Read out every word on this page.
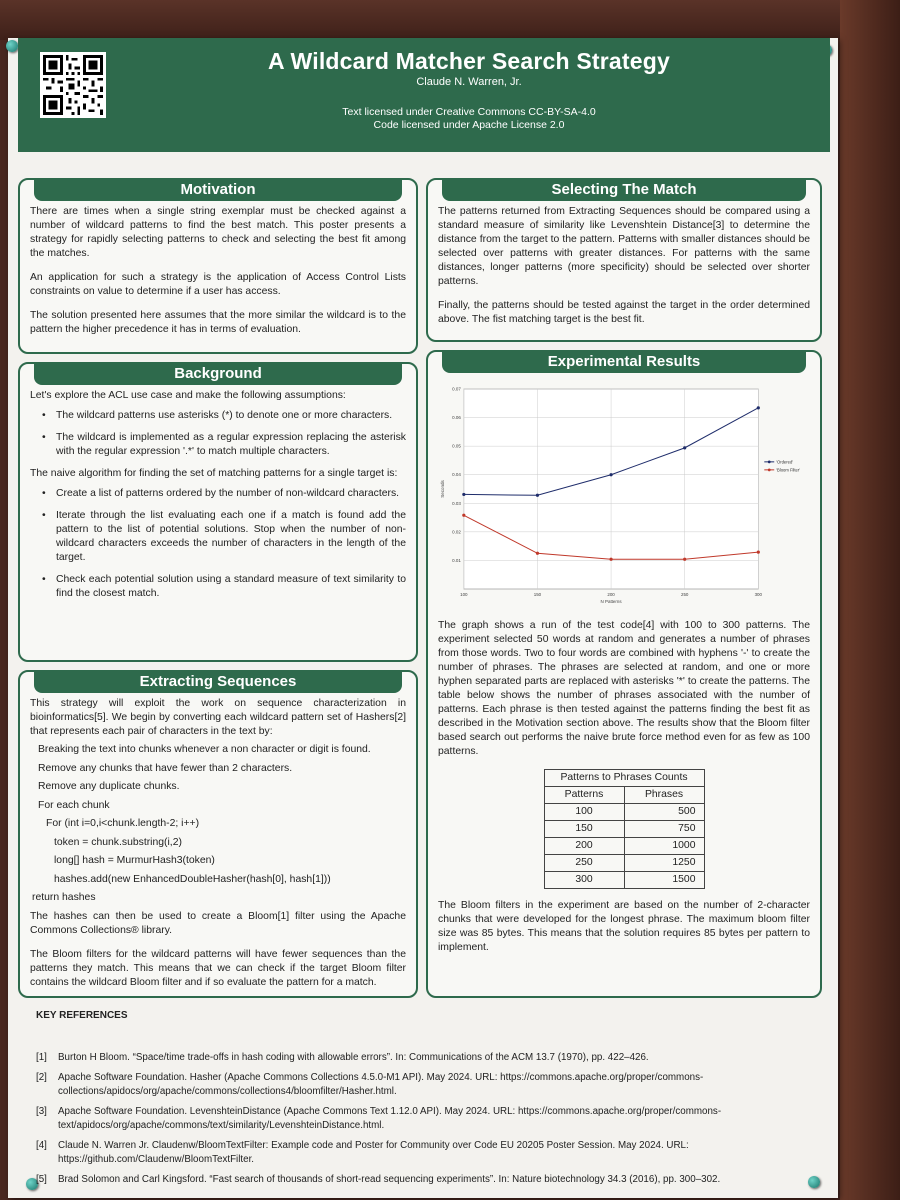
A Wildcard Matcher Search Strategy
Claude N. Warren, Jr.
Text licensed under Creative Commons CC-BY-SA-4.0
Code licensed under Apache License 2.0
Motivation

There are times when a single string exemplar must be checked against a number of wildcard patterns to find the best match. This poster presents a strategy for rapidly selecting patterns to check and selecting the best fit among the matches.

An application for such a strategy is the application of Access Control Lists constraints on value to determine if a user has access.

The solution presented here assumes that the more similar the wildcard is to the pattern the higher precedence it has in terms of evaluation.

Background
Let's explore the ACL use case and make the following assumptions:
• The wildcard patterns use asterisks (*) to denote one or more characters.
• The wildcard is implemented as a regular expression replacing the asterisk with the regular expression '.*' to match multiple characters.
The naive algorithm for finding the set of matching patterns for a single target is:
• Create a list of patterns ordered by the number of non-wildcard characters.
• Iterate through the list evaluating each one if a match is found add the pattern to the list of potential solutions. Stop when the number of non-wildcard characters exceeds the number of characters in the length of the target.
• Check each potential solution using a standard measure of text similarity to find the closest match.
Extracting Sequences

This strategy will exploit the work on sequence characterization in bioinformatics[5]. We begin by converting each wildcard pattern set of Hashers[2] that represents each pair of characters in the text by:

Breaking the text into chunks whenever a non character or digit is found.
Remove any chunks that have fewer than 2 characters.
Remove any duplicate chunks.
For each chunk
For (int i=0,i<chunk.length-2; i++)
token = chunk.substring(i,2)
long[] hash = MurmurHash3(token)
hashes.add(new EnhancedDoubleHasher(hash[0], hash[1]))
return hashes

The hashes can then be used to create a Bloom[1] filter using the Apache Commons Collections® library.

The Bloom filters for the wildcard patterns will have fewer sequences than the patterns they match. This means that we can check if the target Bloom filter contains the wildcard Bloom filter and if so evaluate the pattern for a match.

Selecting The Match

The patterns returned from Extracting Sequences should be compared using a standard measure of similarity like Levenshtein Distance[3] to determine the distance from the target to the pattern. Patterns with smaller distances should be selected over patterns with greater distances. For patterns with the same distances, longer patterns (more specificity) should be selected over shorter patterns.

Finally, the patterns should be tested against the target in the order determined above. The fist matching target is the best fit.

Experimental Results
0.01
0.02
0.03
0.04
0.05
0.06
0.07
100	150	200	250	300
N Patterns
Seconds
'Ordered'
'Bloom Filter'

The graph shows a run of the test code[4] with 100 to 300 patterns. The experiment selected 50 words at random and generates a number of phrases from those words. Two to four words are combined with hyphens '-' to create the number of phrases. The phrases are selected at random, and one or more hyphen separated parts are replaced with asterisks '*' to create the patterns. The table below shows the number of phrases associated with the number of patterns. Each phrase is then tested against the patterns finding the best fit as described in the Motivation section above. The results show that the Bloom filter based search out performs the naive brute force method even for as few as 100 patterns.

Patterns to Phrases Counts	
Patterns	Phrases
100	500
150	750
200	1000
250	1250
300	1500

The Bloom filters in the experiment are based on the number of 2-character chunks that were developed for the longest phrase. The maximum bloom filter size was 85 bytes. This means that the solution requires 85 bytes per pattern to implement.

KEY REFERENCES
[1]	Burton H Bloom. “Space/time trade-offs in hash coding with allowable errors”. In: Communications of the ACM 13.7 (1970), pp. 422–426.
[2]	Apache Software Foundation. Hasher (Apache Commons Collections 4.5.0-M1 API). May 2024. URL: https://commons.apache.org/proper/commons-collections/apidocs/org/apache/commons/collections4/bloomfilter/Hasher.html.
[3]	Apache Software Foundation. LevenshteinDistance (Apache Commons Text 1.12.0 API). May 2024. URL: https://commons.apache.org/proper/commons-text/apidocs/org/apache/commons/text/similarity/LevenshteinDistance.html.
[4]	Claude N. Warren Jr. Claudenw/BloomTextFilter: Example code and Poster for Community over Code EU 20205 Poster Session. May 2024. URL: https://github.com/Claudenw/BloomTextFilter.
[5]	Brad Solomon and Carl Kingsford. “Fast search of thousands of short-read sequencing experiments”. In: Nature biotechnology 34.3 (2016), pp. 300–302.
